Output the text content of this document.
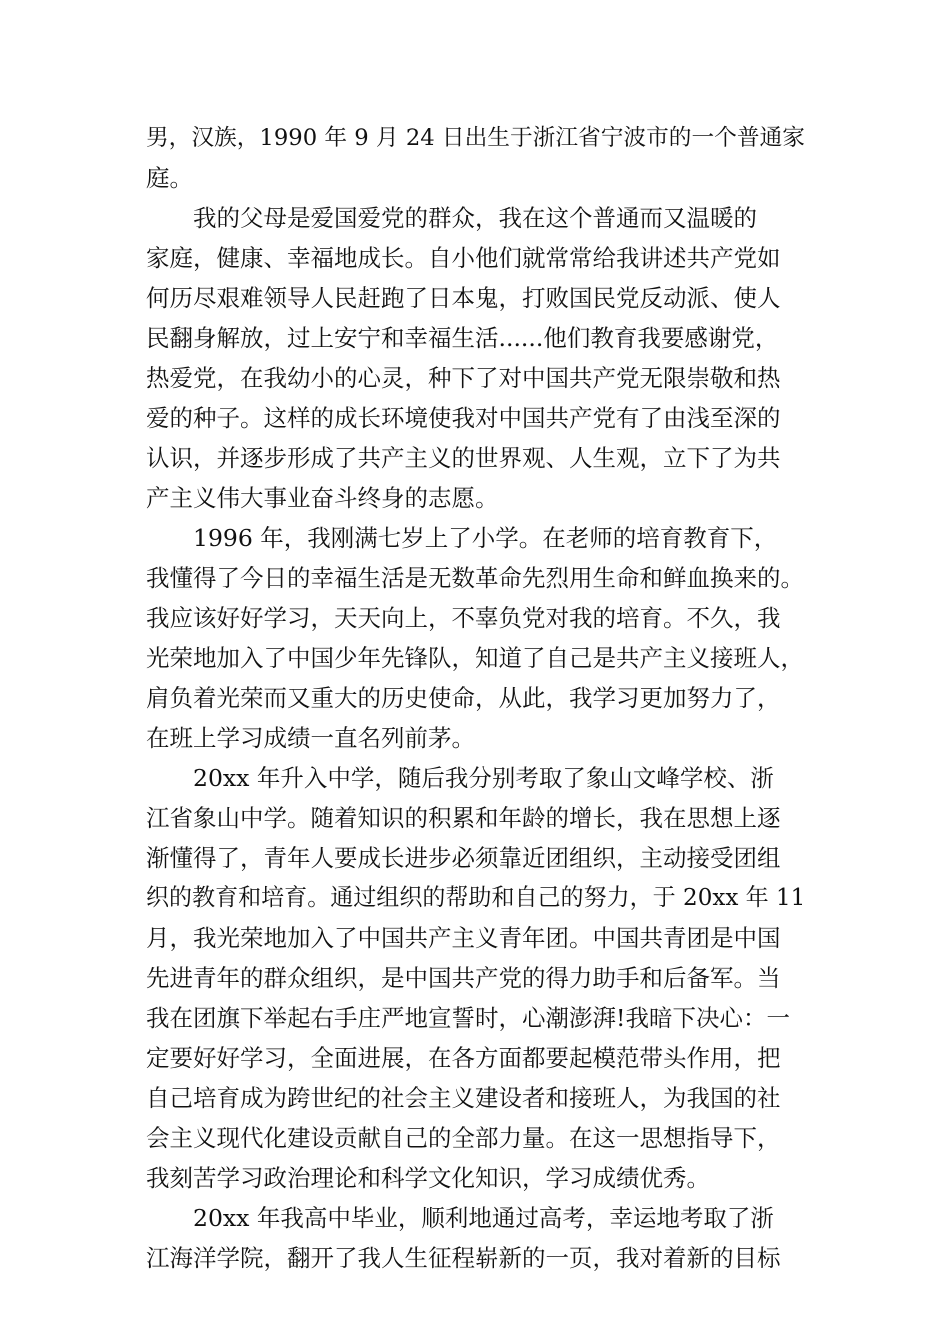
男，汉族，1990 年 9 月 24 日出生于浙江省宁波市的一个普通家
庭。
　　我的父母是爱国爱党的群众，我在这个普通而又温暖的
家庭，健康、幸福地成长。自小他们就常常给我讲述共产党如
何历尽艰难领导人民赶跑了日本鬼，打败国民党反动派、使人
民翻身解放，过上安宁和幸福生活......他们教育我要感谢党，
热爱党，在我幼小的心灵，种下了对中国共产党无限崇敬和热
爱的种子。这样的成长环境使我对中国共产党有了由浅至深的
认识，并逐步形成了共产主义的世界观、人生观，立下了为共
产主义伟大事业奋斗终身的志愿。
　　1996 年，我刚满七岁上了小学。在老师的培育教育下，
我懂得了今日的幸福生活是无数革命先烈用生命和鲜血换来的。
我应该好好学习，天天向上，不辜负党对我的培育。不久，我
光荣地加入了中国少年先锋队，知道了自己是共产主义接班人，
肩负着光荣而又重大的历史使命，从此，我学习更加努力了，
在班上学习成绩一直名列前茅。
　　20xx 年升入中学，随后我分别考取了象山文峰学校、浙
江省象山中学。随着知识的积累和年龄的增长，我在思想上逐
渐懂得了，青年人要成长进步必须靠近团组织，主动接受团组
织的教育和培育。通过组织的帮助和自己的努力，于 20xx 年 11
月，我光荣地加入了中国共产主义青年团。中国共青团是中国
先进青年的群众组织，是中国共产党的得力助手和后备军。当
我在团旗下举起右手庄严地宣誓时，心潮澎湃!我暗下决心：一
定要好好学习，全面进展，在各方面都要起模范带头作用，把
自己培育成为跨世纪的社会主义建设者和接班人，为我国的社
会主义现代化建设贡献自己的全部力量。在这一思想指导下，
我刻苦学习政治理论和科学文化知识，学习成绩优秀。
　　20xx 年我高中毕业，顺利地通过高考，幸运地考取了浙
江海洋学院，翻开了我人生征程崭新的一页，我对着新的目标
